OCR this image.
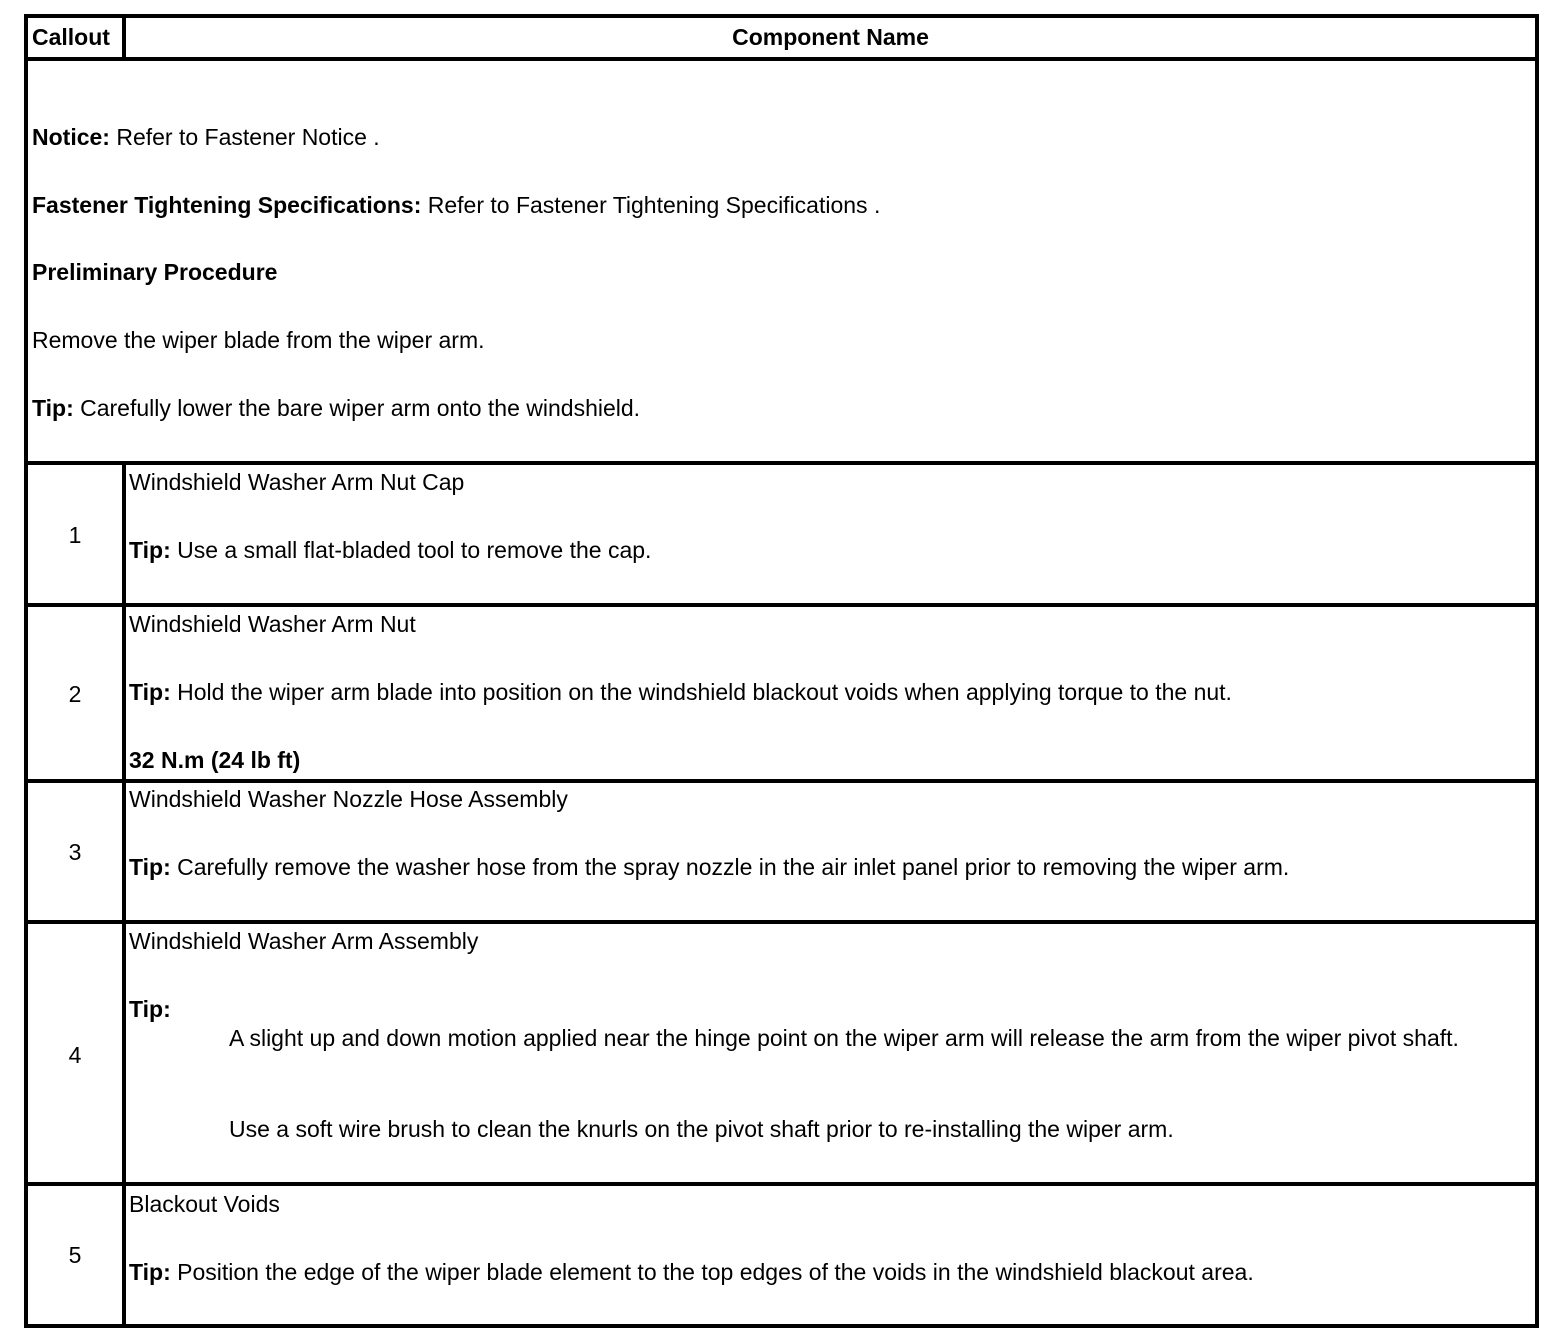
Callout	Component Name
Notice: Refer to Fastener Notice .
Fastener Tightening Specifications: Refer to Fastener Tightening Specifications .
Preliminary Procedure
Remove the wiper blade from the wiper arm.
Tip: Carefully lower the bare wiper arm onto the windshield.
1
Windshield Washer Arm Nut Cap
Tip: Use a small flat-bladed tool to remove the cap.
2
Windshield Washer Arm Nut
Tip: Hold the wiper arm blade into position on the windshield blackout voids when applying torque to the nut.
32 N.m (24 lb ft)
3
Windshield Washer Nozzle Hose Assembly
Tip: Carefully remove the washer hose from the spray nozzle in the air inlet panel prior to removing the wiper arm.
4
Windshield Washer Arm Assembly
Tip:
A slight up and down motion applied near the hinge point on the wiper arm will release the arm from the wiper pivot shaft.
Use a soft wire brush to clean the knurls on the pivot shaft prior to re-installing the wiper arm.
5
Blackout Voids
Tip: Position the edge of the wiper blade element to the top edges of the voids in the windshield blackout area.
